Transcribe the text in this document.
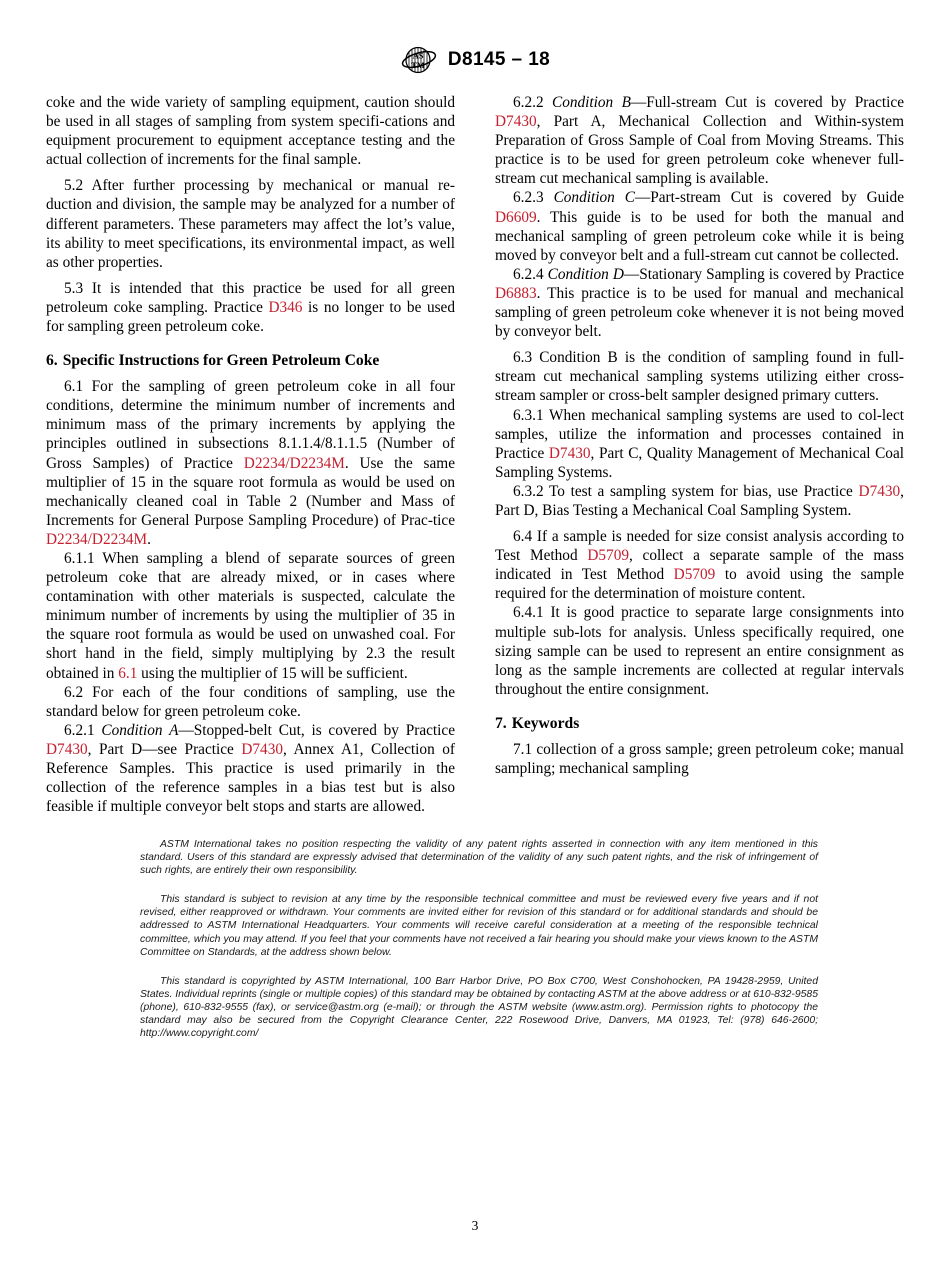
AS
TM D8145 – 18

coke and the wide variety of sampling equipment, caution should be used in all stages of sampling from system specifi-cations and equipment procurement to equipment acceptance testing and the actual collection of increments for the final sample.

5.2 After further processing by mechanical or manual re-duction and division, the sample may be analyzed for a number of different parameters. These parameters may affect the lot’s value, its ability to meet specifications, its environmental impact, as well as other properties.

5.3 It is intended that this practice be used for all green petroleum coke sampling. Practice D346 is no longer to be used for sampling green petroleum coke.

6. Specific Instructions for Green Petroleum Coke

6.1 For the sampling of green petroleum coke in all four conditions, determine the minimum number of increments and minimum mass of the primary increments by applying the principles outlined in subsections 8.1.1.4/8.1.1.5 (Number of Gross Samples) of Practice D2234/D2234M. Use the same multiplier of 15 in the square root formula as would be used on mechanically cleaned coal in Table 2 (Number and Mass of Increments for General Purpose Sampling Procedure) of Prac-tice D2234/D2234M.

6.1.1 When sampling a blend of separate sources of green petroleum coke that are already mixed, or in cases where contamination with other materials is suspected, calculate the minimum number of increments by using the multiplier of 35 in the square root formula as would be used on unwashed coal. For short hand in the field, simply multiplying by 2.3 the result obtained in 6.1 using the multiplier of 15 will be sufficient.

6.2 For each of the four conditions of sampling, use the standard below for green petroleum coke.

6.2.1 Condition A—Stopped-belt Cut, is covered by Practice D7430, Part D—see Practice D7430, Annex A1, Collection of Reference Samples. This practice is used primarily in the collection of the reference samples in a bias test but is also feasible if multiple conveyor belt stops and starts are allowed.

6.2.2 Condition B—Full-stream Cut is covered by Practice D7430, Part A, Mechanical Collection and Within-system Preparation of Gross Sample of Coal from Moving Streams. This practice is to be used for green petroleum coke whenever full-stream cut mechanical sampling is available.

6.2.3 Condition C—Part-stream Cut is covered by Guide D6609. This guide is to be used for both the manual and mechanical sampling of green petroleum coke while it is being moved by conveyor belt and a full-stream cut cannot be collected.

6.2.4 Condition D—Stationary Sampling is covered by Practice D6883. This practice is to be used for manual and mechanical sampling of green petroleum coke whenever it is not being moved by conveyor belt.

6.3 Condition B is the condition of sampling found in full-stream cut mechanical sampling systems utilizing either cross-stream sampler or cross-belt sampler designed primary cutters.

6.3.1 When mechanical sampling systems are used to col-lect samples, utilize the information and processes contained in Practice D7430, Part C, Quality Management of Mechanical Coal Sampling Systems.

6.3.2 To test a sampling system for bias, use Practice D7430, Part D, Bias Testing a Mechanical Coal Sampling System.

6.4 If a sample is needed for size consist analysis according to Test Method D5709, collect a separate sample of the mass indicated in Test Method D5709 to avoid using the sample required for the determination of moisture content.

6.4.1 It is good practice to separate large consignments into multiple sub-lots for analysis. Unless specifically required, one sizing sample can be used to represent an entire consignment as long as the sample increments are collected at regular intervals throughout the entire consignment.

7. Keywords

7.1 collection of a gross sample; green petroleum coke; manual sampling; mechanical sampling

ASTM International takes no position respecting the validity of any patent rights asserted in connection with any item mentioned in this standard. Users of this standard are expressly advised that determination of the validity of any such patent rights, and the risk of infringement of such rights, are entirely their own responsibility.

This standard is subject to revision at any time by the responsible technical committee and must be reviewed every five years and if not revised, either reapproved or withdrawn. Your comments are invited either for revision of this standard or for additional standards and should be addressed to ASTM International Headquarters. Your comments will receive careful consideration at a meeting of the responsible technical committee, which you may attend. If you feel that your comments have not received a fair hearing you should make your views known to the ASTM Committee on Standards, at the address shown below.

This standard is copyrighted by ASTM International, 100 Barr Harbor Drive, PO Box C700, West Conshohocken, PA 19428-2959, United States. Individual reprints (single or multiple copies) of this standard may be obtained by contacting ASTM at the above address or at 610-832-9585 (phone), 610-832-9555 (fax), or service@astm.org (e-mail); or through the ASTM website (www.astm.org). Permission rights to photocopy the standard may also be secured from the Copyright Clearance Center, 222 Rosewood Drive, Danvers, MA 01923, Tel: (978) 646-2600; http://www.copyright.com/

3
